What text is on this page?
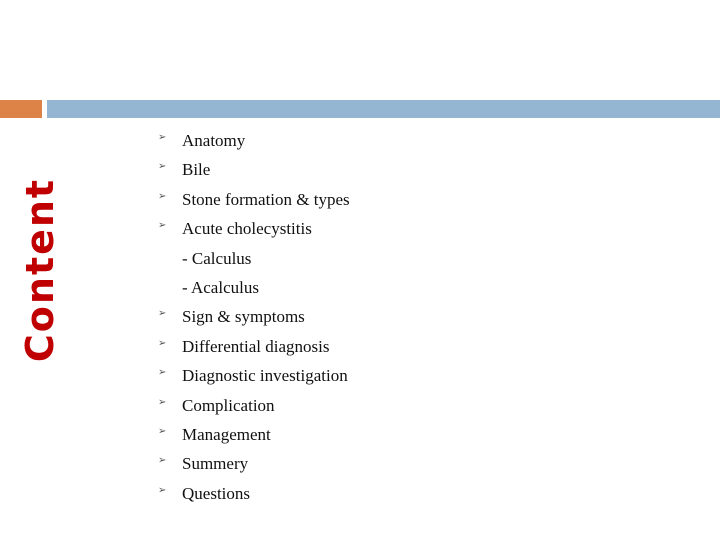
Content
➢ Anatomy
➢ Bile
➢ Stone formation & types
➢ Acute cholecystitis
- Calculus
- Acalculus
➢ Sign & symptoms
➢ Differential diagnosis
➢ Diagnostic investigation
➢ Complication
➢ Management
➢ Summery
➢ Questions
